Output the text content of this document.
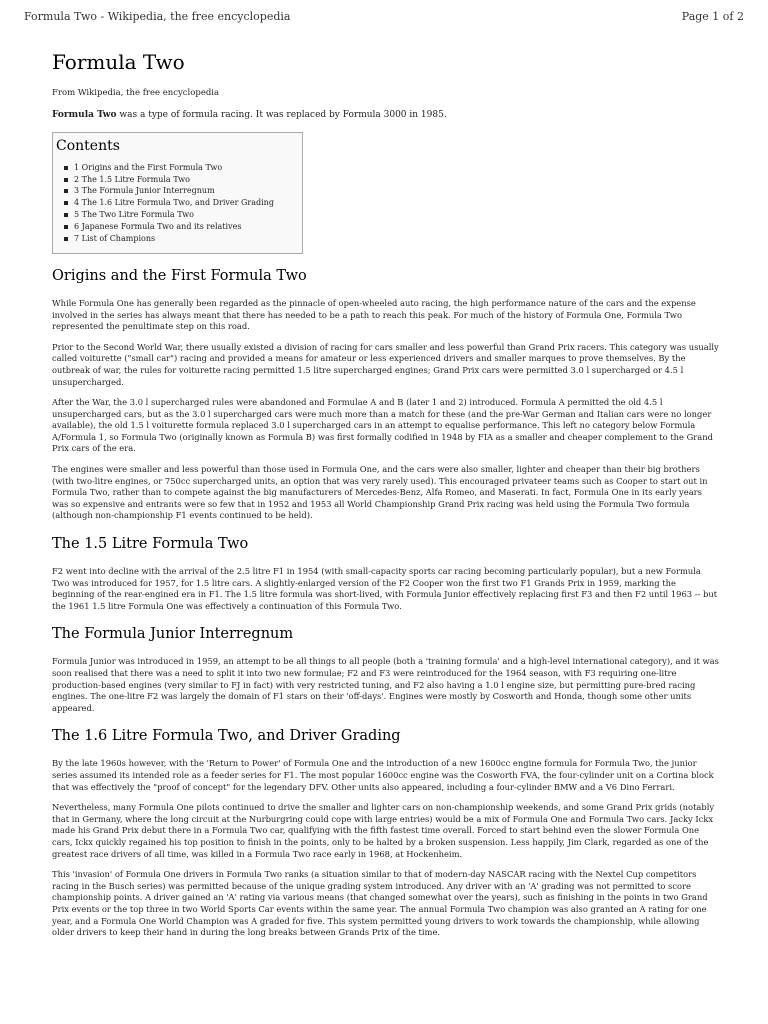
Formula Two - Wikipedia, the free encyclopedia	Page 1 of 2
Formula Two
From Wikipedia, the free encyclopedia

Formula Two was a type of formula racing. It was replaced by Formula 3000 in 1985.

Contents
1 Origins and the First Formula Two
2 The 1.5 Litre Formula Two
3 The Formula Junior Interregnum
4 The 1.6 Litre Formula Two, and Driver Grading
5 The Two Litre Formula Two
6 Japanese Formula Two and its relatives
7 List of Champions
Origins and the First Formula Two

While Formula One has generally been regarded as the pinnacle of open-wheeled auto racing, the high performance nature of the cars and the expense involved in the series has always meant that there has needed to be a path to reach this peak. For much of the history of Formula One, Formula Two represented the penultimate step on this road.

Prior to the Second World War, there usually existed a division of racing for cars smaller and less powerful than Grand Prix racers. This category was usually called voiturette ("small car") racing and provided a means for amateur or less experienced drivers and smaller marques to prove themselves. By the outbreak of war, the rules for voiturette racing permitted 1.5 litre supercharged engines; Grand Prix cars were permitted 3.0 l supercharged or 4.5 l unsupercharged.

After the War, the 3.0 l supercharged rules were abandoned and Formulae A and B (later 1 and 2) introduced. Formula A permitted the old 4.5 l unsupercharged cars, but as the 3.0 l supercharged cars were much more than a match for these (and the pre-War German and Italian cars were no longer available), the old 1.5 l voiturette formula replaced 3.0 l supercharged cars in an attempt to equalise performance. This left no category below Formula A/Formula 1, so Formula Two (originally known as Formula B) was first formally codified in 1948 by FIA as a smaller and cheaper complement to the Grand Prix cars of the era.

The engines were smaller and less powerful than those used in Formula One, and the cars were also smaller, lighter and cheaper than their big brothers (with two-litre engines, or 750cc supercharged units, an option that was very rarely used). This encouraged privateer teams such as Cooper to start out in Formula Two, rather than to compete against the big manufacturers of Mercedes-Benz, Alfa Romeo, and Maserati. In fact, Formula One in its early years was so expensive and entrants were so few that in 1952 and 1953 all World Championship Grand Prix racing was held using the Formula Two formula (although non-championship F1 events continued to be held).

The 1.5 Litre Formula Two

F2 went into decline with the arrival of the 2.5 litre F1 in 1954 (with small-capacity sports car racing becoming particularly popular), but a new Formula Two was introduced for 1957, for 1.5 litre cars. A slightly-enlarged version of the F2 Cooper won the first two F1 Grands Prix in 1959, marking the beginning of the rear-engined era in F1. The 1.5 litre formula was short-lived, with Formula Junior effectively replacing first F3 and then F2 until 1963 -- but the 1961 1.5 litre Formula One was effectively a continuation of this Formula Two.

The Formula Junior Interregnum

Formula Junior was introduced in 1959, an attempt to be all things to all people (both a 'training formula' and a high-level international category), and it was soon realised that there was a need to split it into two new formulae; F2 and F3 were reintroduced for the 1964 season, with F3 requiring one-litre production-based engines (very similar to FJ in fact) with very restricted tuning, and F2 also having a 1.0 l engine size, but permitting pure-bred racing engines. The one-litre F2 was largely the domain of F1 stars on their 'off-days'. Engines were mostly by Cosworth and Honda, though some other units appeared.

The 1.6 Litre Formula Two, and Driver Grading

By the late 1960s however, with the 'Return to Power' of Formula One and the introduction of a new 1600cc engine formula for Formula Two, the junior series assumed its intended role as a feeder series for F1. The most popular 1600cc engine was the Cosworth FVA, the four-cylinder unit on a Cortina block that was effectively the "proof of concept" for the legendary DFV. Other units also appeared, including a four-cylinder BMW and a V6 Dino Ferrari.

Nevertheless, many Formula One pilots continued to drive the smaller and lighter cars on non-championship weekends, and some Grand Prix grids (notably that in Germany, where the long circuit at the Nurburgring could cope with large entries) would be a mix of Formula One and Formula Two cars. Jacky Ickx made his Grand Prix debut there in a Formula Two car, qualifying with the fifth fastest time overall. Forced to start behind even the slower Formula One cars, Ickx quickly regained his top position to finish in the points, only to be halted by a broken suspension. Less happily, Jim Clark, regarded as one of the greatest race drivers of all time, was killed in a Formula Two race early in 1968, at Hockenheim.

This 'invasion' of Formula One drivers in Formula Two ranks (a situation similar to that of modern-day NASCAR racing with the Nextel Cup competitors racing in the Busch series) was permitted because of the unique grading system introduced. Any driver with an 'A' grading was not permitted to score championship points. A driver gained an 'A' rating via various means (that changed somewhat over the years), such as finishing in the points in two Grand Prix events or the top three in two World Sports Car events within the same year. The annual Formula Two champion was also granted an A rating for one year, and a Formula One World Champion was A graded for five. This system permitted young drivers to work towards the championship, while allowing older drivers to keep their hand in during the long breaks between Grands Prix of the time.
